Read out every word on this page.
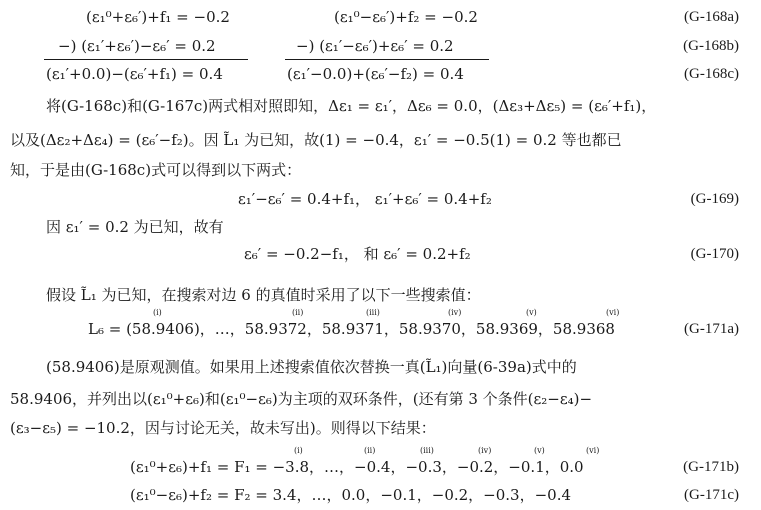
(ε₁⁰+ε₆′)+f₁ = −0.2	(ε₁⁰−ε₆′)+f₂ = −0.2	(G-168a)
−) (ε₁′+ε₆′)−ε₆′ = 0.2	−) (ε₁′−ε₆′)+ε₆′ = 0.2	(G-168b)
(ε₁′+0.0)−(ε₆′+f₁) = 0.4	(ε₁′−0.0)+(ε₆′−f₂) = 0.4	(G-168c)
将(G-168c)和(G-167c)两式相对照即知，Δε₁ = ε₁′，Δε₆ = 0.0，(Δε₃+Δε₅) = (ε₆′+f₁)，
以及(Δε₂+Δε₄) = (ε₆′−f₂)。因 L̃₁ 为已知，故(1) = −0.4，ε₁′ = −0.5(1) = 0.2 等也都已
知，于是由(G-168c)式可以得到以下两式：
ε₁′−ε₆′ = 0.4+f₁， ε₁′+ε₆′ = 0.4+f₂	(G-169)
因 ε₁′ = 0.2 为已知，故有
ε₆′ = −0.2−f₁， 和 ε₆′ = 0.2+f₂	(G-170)
假设 L̃₁ 为已知，在搜索对边 6 的真值时采用了以下一些搜索值：
L₆ = (58.9406)，…，58.9372，58.9371，58.9370，58.9369，58.9368	(G-171a)
(i)	(ii)	(iii)	(iv)	(v)	(vi)
(58.9406)是原观测值。如果用上述搜索值依次替换一真(L̃₁)向量(6-39a)式中的
58.9406，并列出以(ε₁⁰+ε₆)和(ε₁⁰−ε₆)为主项的双环条件，(还有第 3 个条件(ε₂−ε₄)−
(ε₃−ε₅) = −10.2，因与讨论无关，故未写出)。则得以下结果：
(ε₁⁰+ε₆)+f₁ = F₁ = −3.8，…，−0.4，−0.3，−0.2，−0.1，0.0	(G-171b)
(i)	(ii)	(iii)	(iv)	(v)	(vi)
(ε₁⁰−ε₆)+f₂ = F₂ = 3.4，…，0.0，−0.1，−0.2，−0.3，−0.4	(G-171c)
